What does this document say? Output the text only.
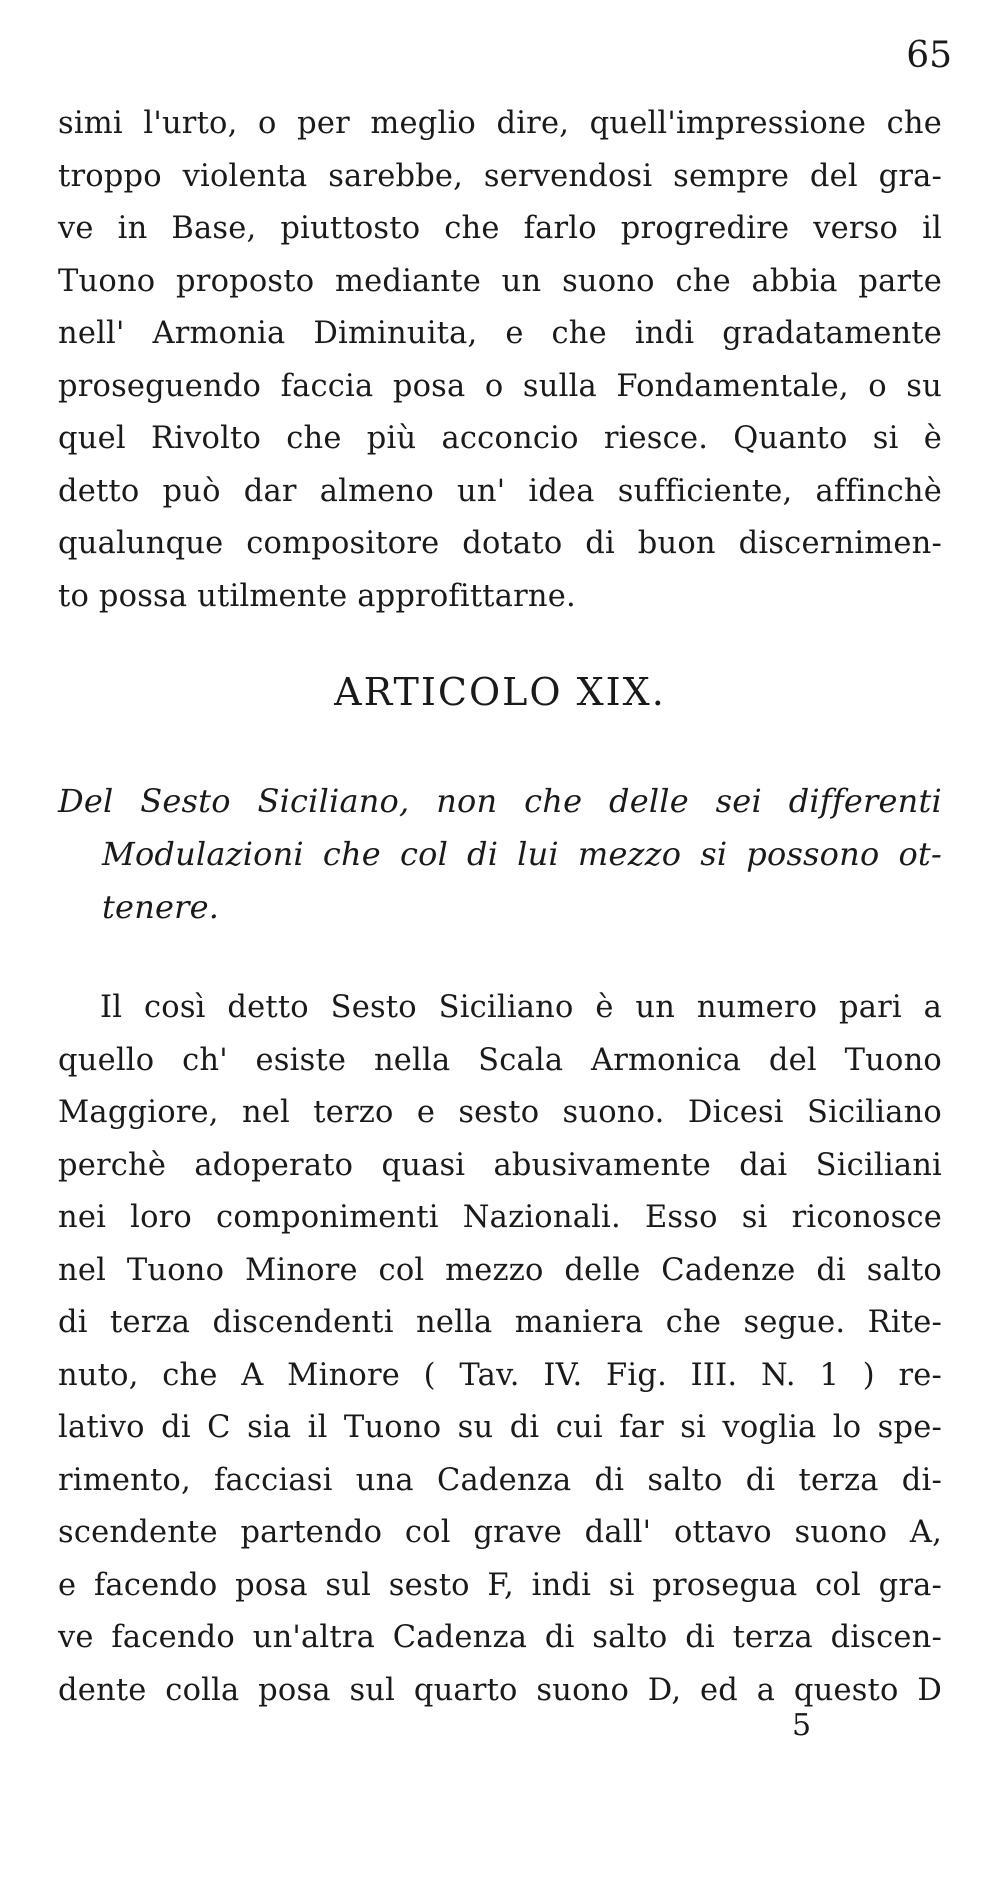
65
simi l'urto, o per meglio dire, quell'impressione che
troppo violenta sarebbe, servendosi sempre del gra-
ve in Base, piuttosto che farlo progredire verso il
Tuono proposto mediante un suono che abbia parte
nell' Armonia Diminuita, e che indi gradatamente
proseguendo faccia posa o sulla Fondamentale, o su
quel Rivolto che più acconcio riesce. Quanto si è
detto può dar almeno un' idea sufficiente, affinchè
qualunque compositore dotato di buon discernimen-
to possa utilmente approfittarne.
ARTICOLO XIX.
Del Sesto Siciliano, non che delle sei differenti
Modulazioni che col di lui mezzo si possono ot-
tenere.
Il così detto Sesto Siciliano è un numero pari a
quello ch' esiste nella Scala Armonica del Tuono
Maggiore, nel terzo e sesto suono. Dicesi Siciliano
perchè adoperato quasi abusivamente dai Siciliani
nei loro componimenti Nazionali. Esso si riconosce
nel Tuono Minore col mezzo delle Cadenze di salto
di terza discendenti nella maniera che segue. Rite-
nuto, che A Minore ( Tav. IV. Fig. III. N. 1 ) re-
lativo di C sia il Tuono su di cui far si voglia lo spe-
rimento, facciasi una Cadenza di salto di terza di-
scendente partendo col grave dall' ottavo suono A,
e facendo posa sul sesto F, indi si prosegua col gra-
ve facendo un'altra Cadenza di salto di terza discen-
dente colla posa sul quarto suono D, ed a questo D
5
